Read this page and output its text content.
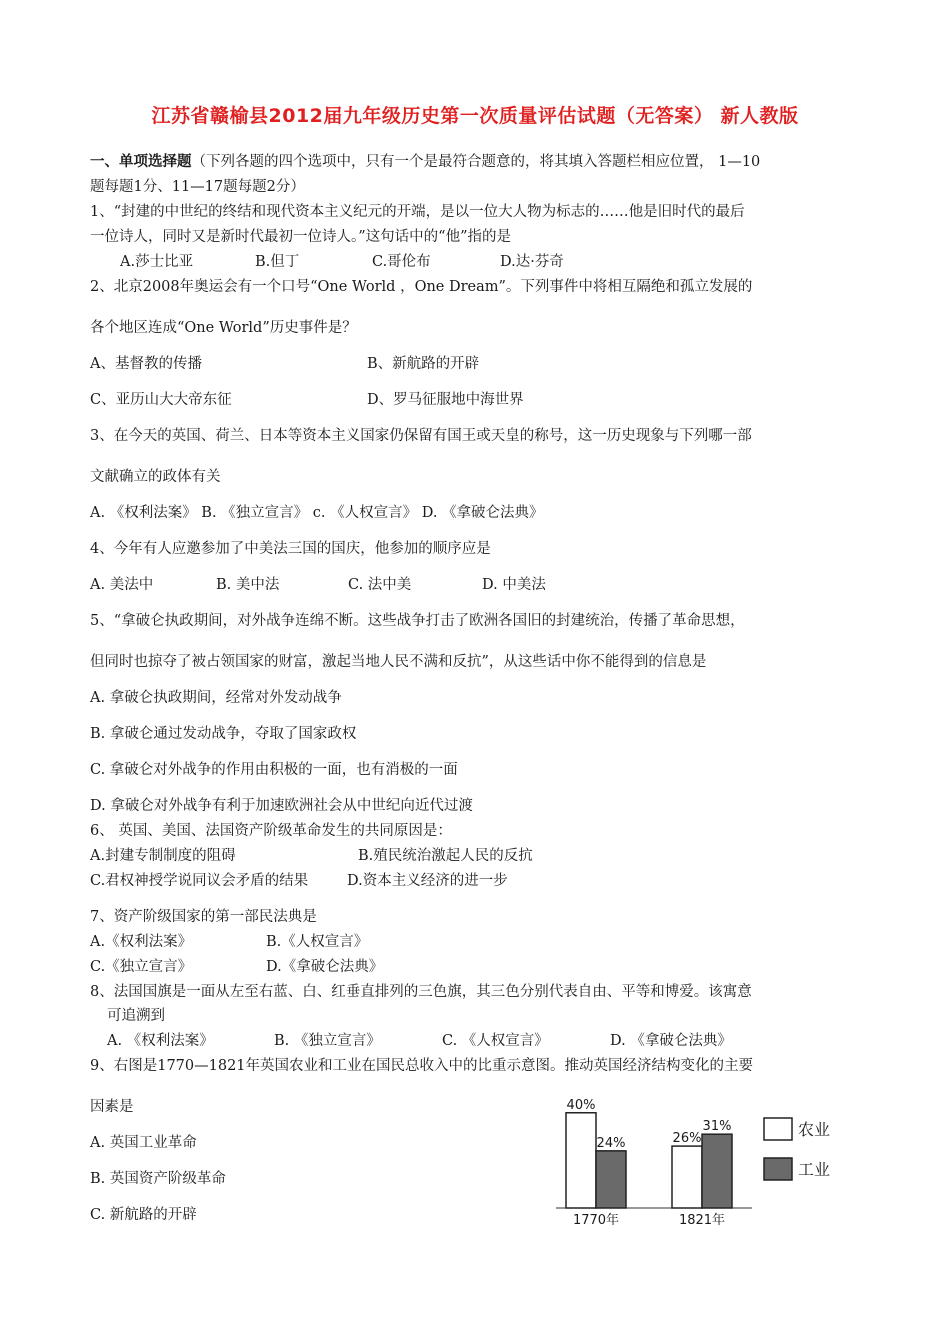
江苏省赣榆县2012届九年级历史第一次质量评估试题（无答案） 新人教版
一、单项选择题（下列各题的四个选项中，只有一个是最符合题意的，将其填入答题栏相应位置， 1—10
题每题1分、11—17题每题2分）
1、“封建的中世纪的终结和现代资本主义纪元的开端，是以一位大人物为标志的……他是旧时代的最后
一位诗人，同时又是新时代最初一位诗人。”这句话中的“他”指的是
A.莎士比亚	B.但丁	C.哥伦布	D.达·芬奇
2、北京2008年奥运会有一个口号“One World ，One Dream”。下列事件中将相互隔绝和孤立发展的
各个地区连成“One World”历史事件是？
A、基督教的传播	B、新航路的开辟
C、亚历山大大帝东征	D、罗马征服地中海世界
3、在今天的英国、荷兰、日本等资本主义国家仍保留有国王或天皇的称号，这一历史现象与下列哪一部
文献确立的政体有关
A. 《权利法案》 B. 《独立宣言》 c. 《人权宣言》 D. 《拿破仑法典》
4、今年有人应邀参加了中美法三国的国庆，他参加的顺序应是
A. 美法中	B. 美中法	C. 法中美	D. 中美法
5、“拿破仑执政期间，对外战争连绵不断。这些战争打击了欧洲各国旧的封建统治，传播了革命思想，
但同时也掠夺了被占领国家的财富，激起当地人民不满和反抗”，从这些话中你不能得到的信息是
A. 拿破仑执政期间，经常对外发动战争
B. 拿破仑通过发动战争，夺取了国家政权
C. 拿破仑对外战争的作用由积极的一面，也有消极的一面
D. 拿破仑对外战争有利于加速欧洲社会从中世纪向近代过渡
6、 英国、美国、法国资产阶级革命发生的共同原因是：
A.封建专制制度的阻碍	B.殖民统治激起人民的反抗
C.君权神授学说同议会矛盾的结果	D.资本主义经济的进一步
7、资产阶级国家的第一部民法典是
A.《权利法案》	B.《人权宣言》
C.《独立宣言》	D.《拿破仑法典》
8、法国国旗是一面从左至右蓝、白、红垂直排列的三色旗，其三色分别代表自由、平等和博爱。该寓意
可追溯到
A. 《权利法案》	B. 《独立宣言》	C. 《人权宣言》	D. 《拿破仑法典》
9、右图是1770—1821年英国农业和工业在国民总收入中的比重示意图。推动英国经济结构变化的主要
因素是
A. 英国工业革命
B. 英国资产阶级革命
C. 新航路的开辟
40%
24%
1770年
26%
31%
1821年
农业
工业
